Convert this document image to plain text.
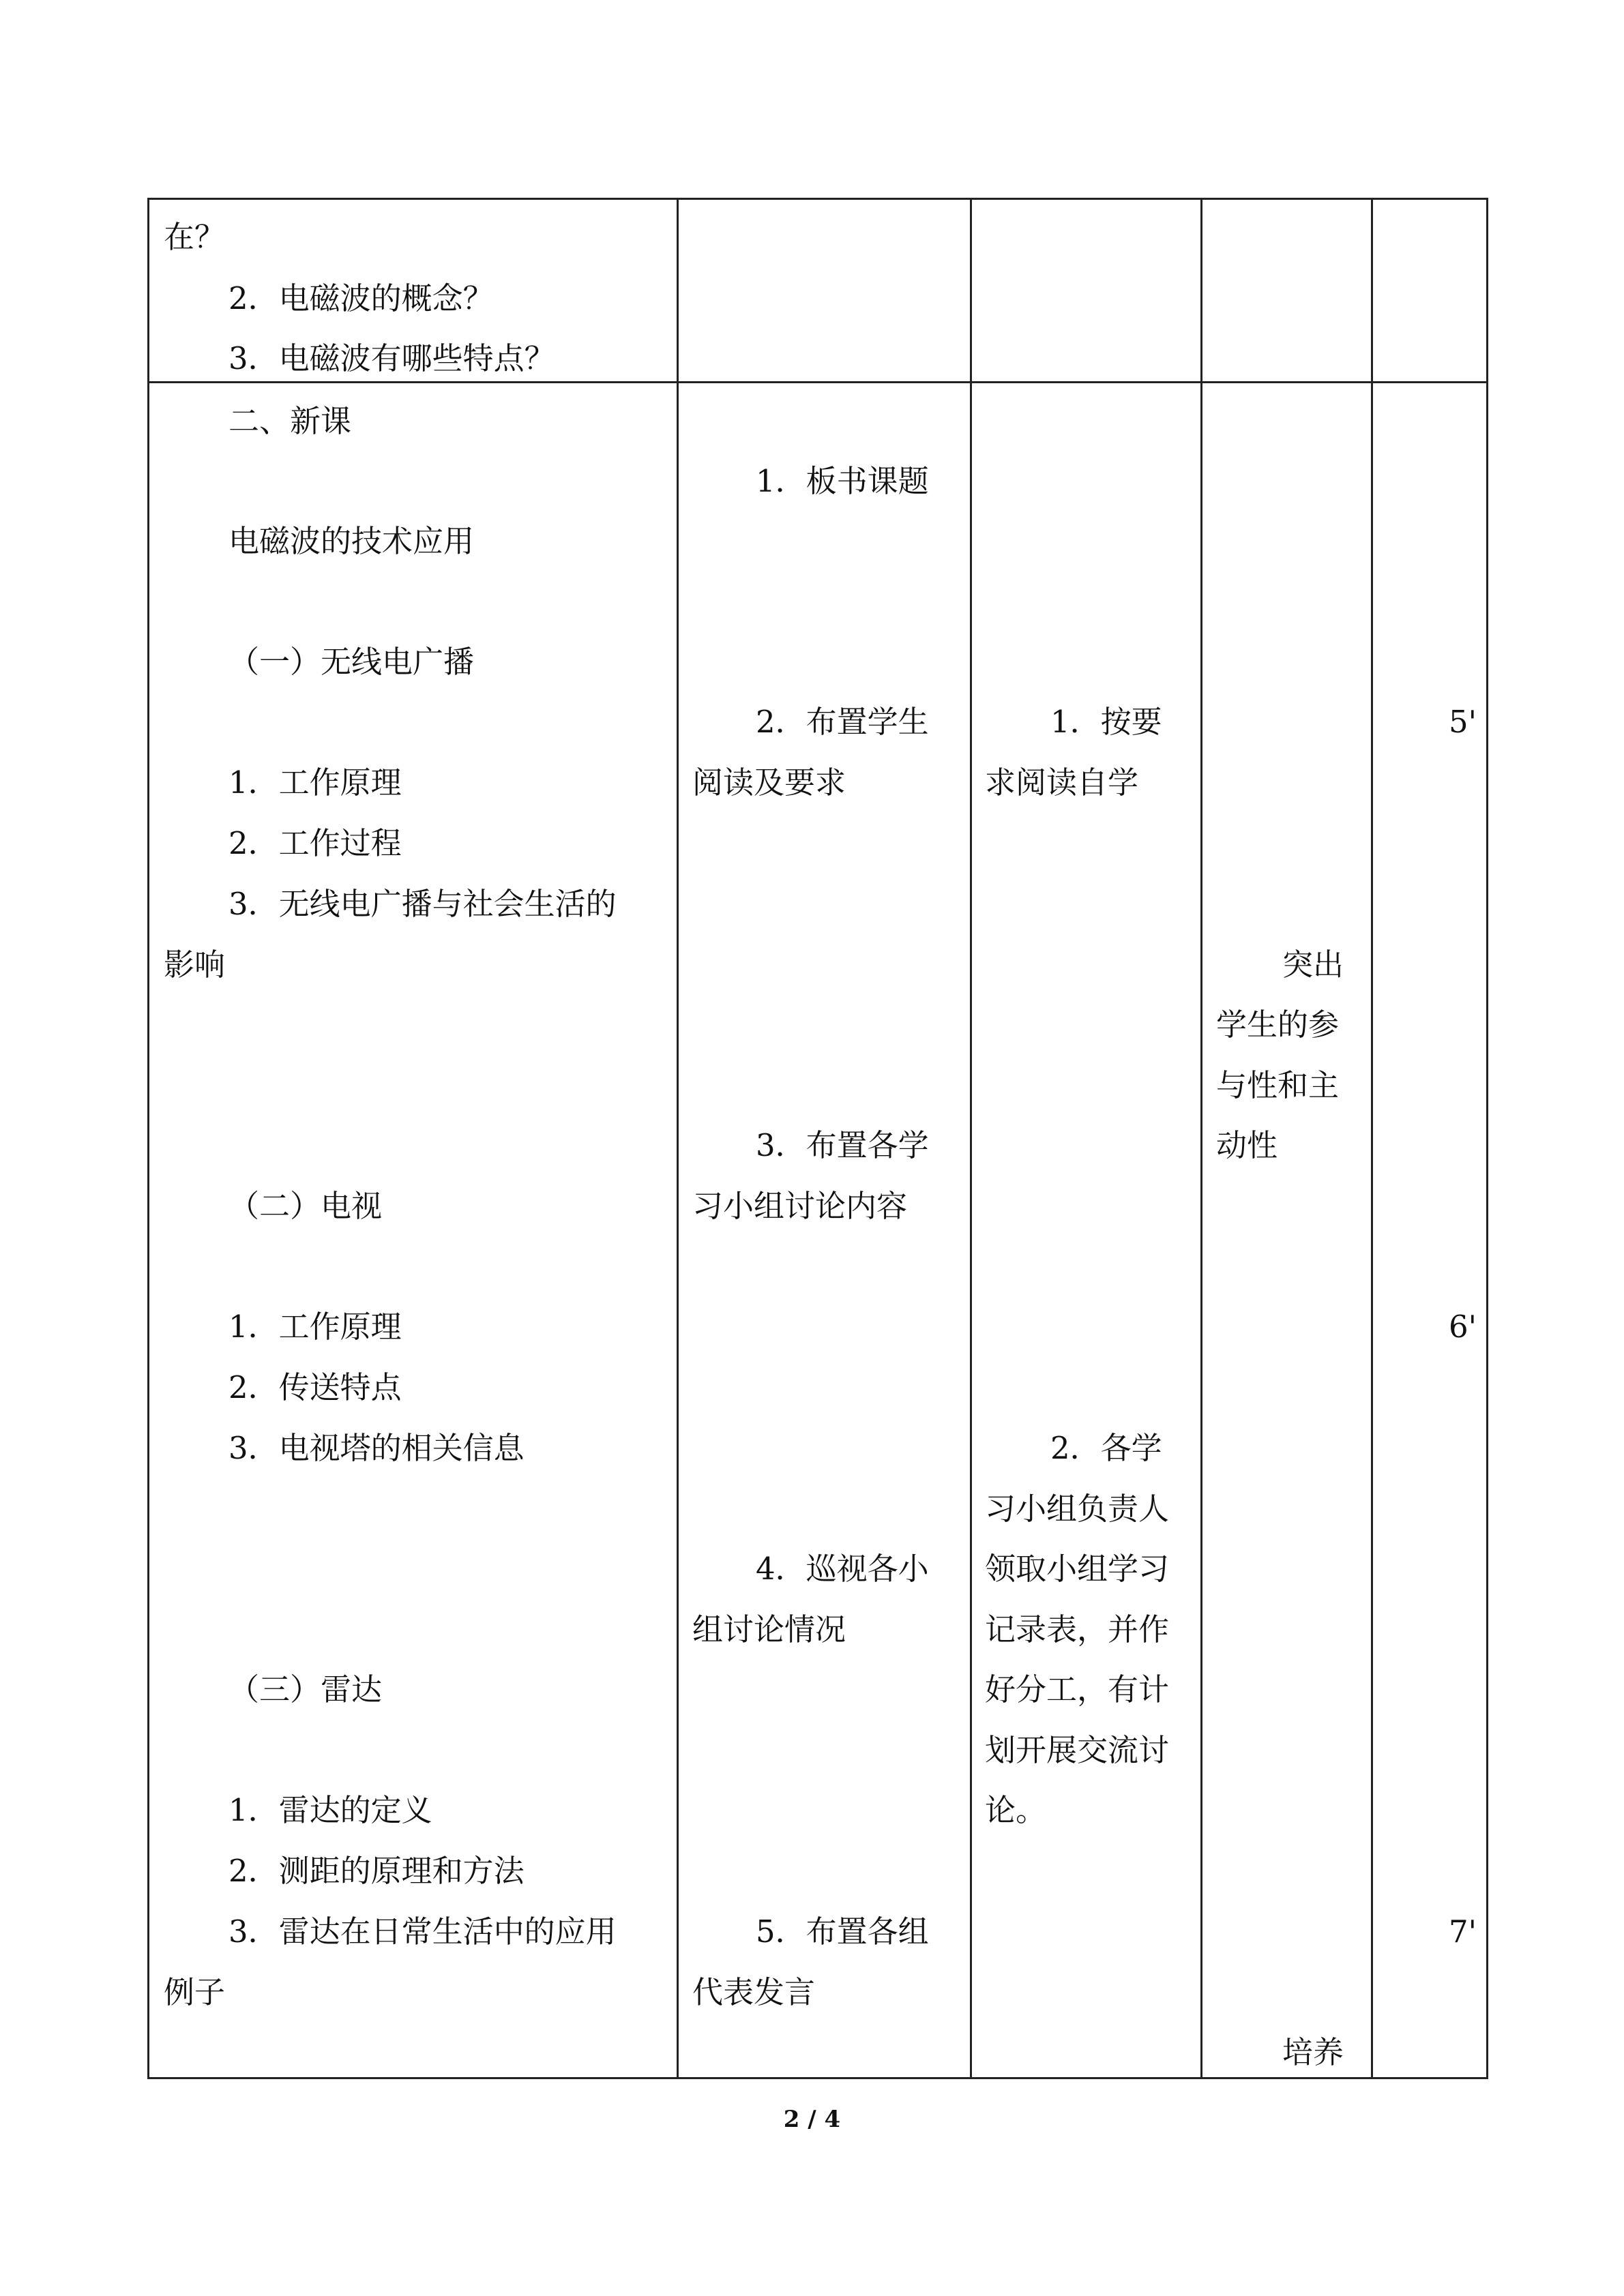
在？
2．电磁波的概念？
3．电磁波有哪些特点？
二、新课
电磁波的技术应用
（一）无线电广播
1．工作原理
2．工作过程
3．无线电广播与社会生活的
影响
（二）电视
1．工作原理
2．传送特点
3．电视塔的相关信息
（三）雷达
1．雷达的定义
2．测距的原理和方法
3．雷达在日常生活中的应用
例子
1．板书课题
2．布置学生
阅读及要求
3．布置各学
习小组讨论内容
4．巡视各小
组讨论情况
5．布置各组
代表发言
1．按要
求阅读自学
2．各学
习小组负责人
领取小组学习
记录表，并作
好分工，有计
划开展交流讨
论。
突出
学生的参
与性和主
动性
培养
5'
6'
7'
2 / 4
